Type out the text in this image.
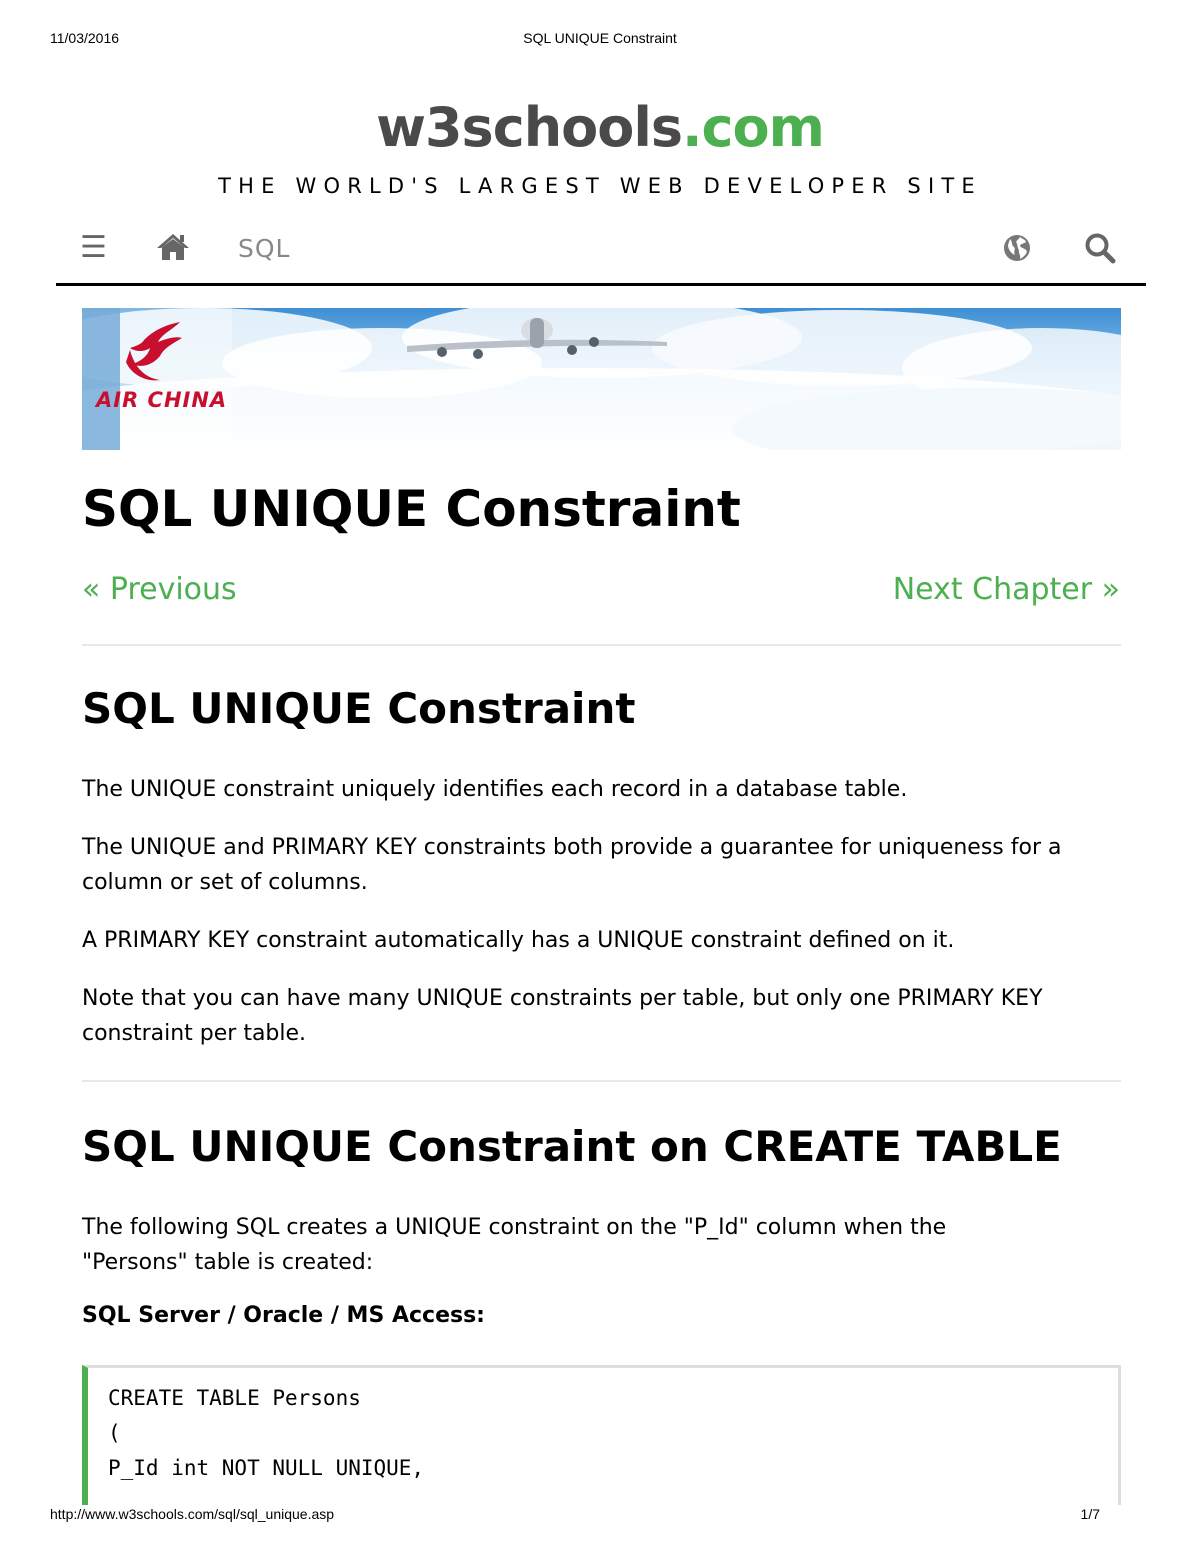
11/03/2016	SQL UNIQUE Constraint
w3schools.com
THE WORLD'S LARGEST WEB DEVELOPER SITE
☰	SQL
AIR CHINA
SQL UNIQUE Constraint
« Previous	Next Chapter »
SQL UNIQUE Constraint

The UNIQUE constraint uniquely identifies each record in a database table.

The UNIQUE and PRIMARY KEY constraints both provide a guarantee for uniqueness for a column or set of columns.

A PRIMARY KEY constraint automatically has a UNIQUE constraint defined on it.

Note that you can have many UNIQUE constraints per table, but only one PRIMARY KEY constraint per table.

SQL UNIQUE Constraint on CREATE TABLE

The following SQL creates a UNIQUE constraint on the "P_Id" column when the "Persons" table is created:

SQL Server / Oracle / MS Access:
CREATE TABLE Persons
(
P_Id int NOT NULL UNIQUE,
http://www.w3schools.com/sql/sql_unique.asp	1/7
